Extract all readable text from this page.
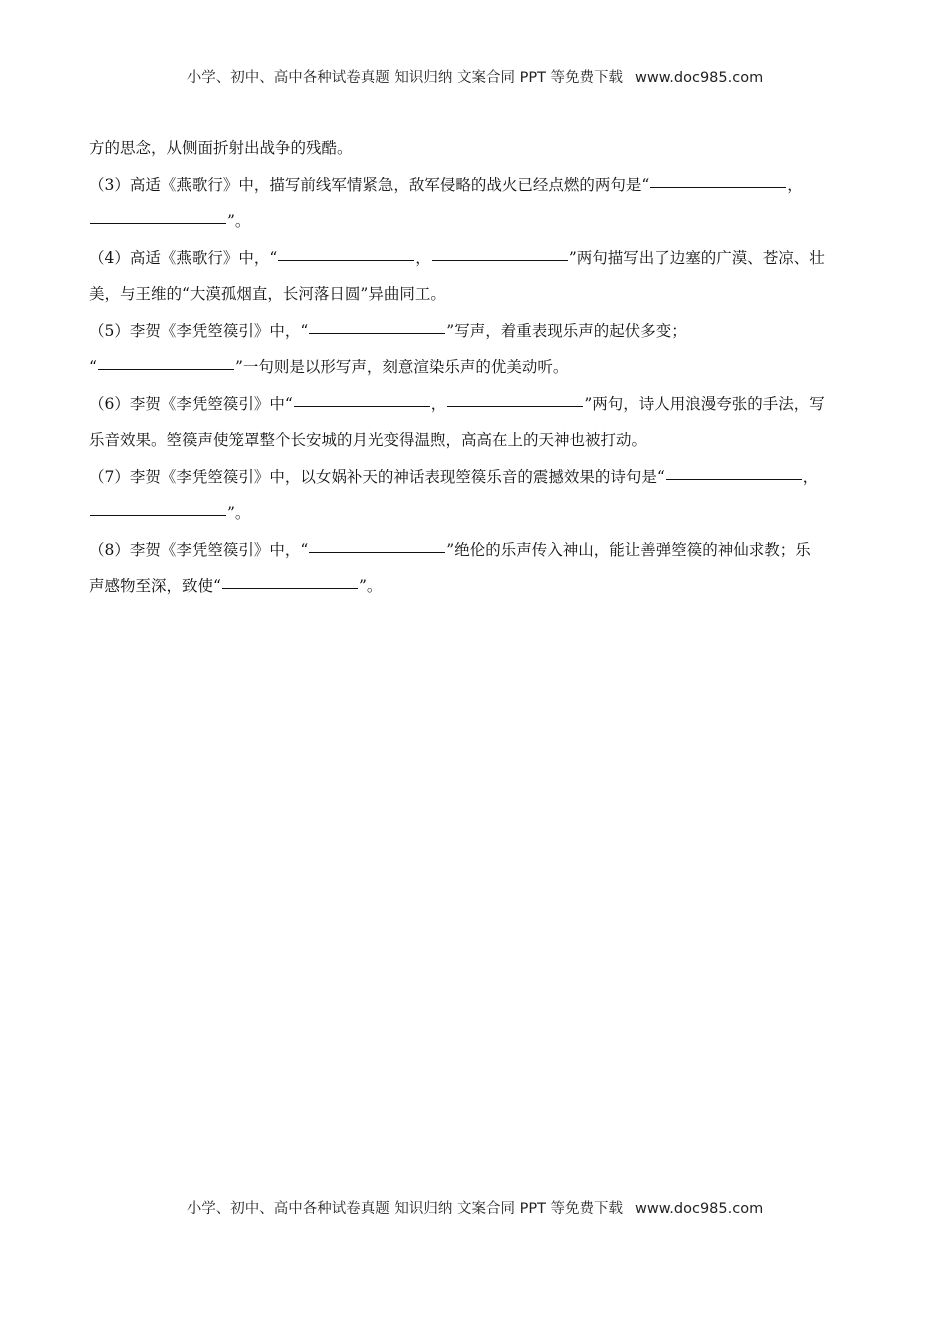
小学、初中、高中各种试卷真题 知识归纳 文案合同 PPT 等免费下载 www.doc985.com
方的思念，从侧面折射出战争的残酷。
（3）高适《燕歌行》中，描写前线军情紧急，敌军侵略的战火已经点燃的两句是“	，
”。
（4）高适《燕歌行》中，“	，	”两句描写出了边塞的广漠、苍凉、壮
美，与王维的“大漠孤烟直，长河落日圆”异曲同工。
（5）李贺《李凭箜篌引》中，“	”写声，着重表现乐声的起伏多变；
“	”一句则是以形写声，刻意渲染乐声的优美动听。
（6）李贺《李凭箜篌引》中“	，	”两句，诗人用浪漫夸张的手法，写
乐音效果。箜篌声使笼罩整个长安城的月光变得温煦，高高在上的天神也被打动。
（7）李贺《李凭箜篌引》中，以女娲补天的神话表现箜篌乐音的震撼效果的诗句是“	，
”。
（8）李贺《李凭箜篌引》中，“	”绝伦的乐声传入神山，能让善弹箜篌的神仙求教；乐
声感物至深，致使“	”。
小学、初中、高中各种试卷真题 知识归纳 文案合同 PPT 等免费下载 www.doc985.com
